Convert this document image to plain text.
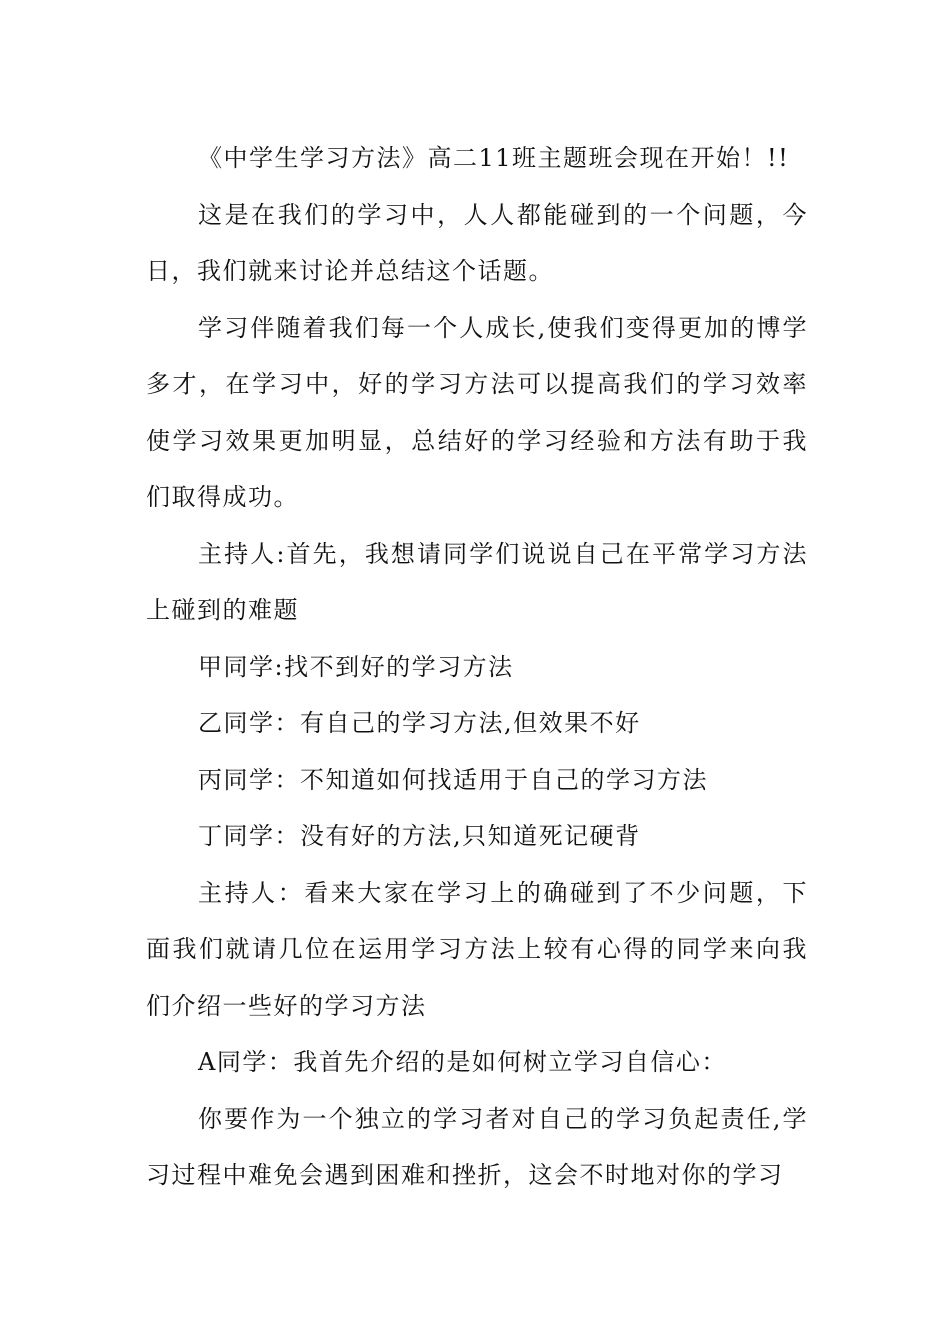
《中学生学习方法》高二11班主题班会现在开始！!!

这是在我们的学习中，人人都能碰到的一个问题，今日，我们就来讨论并总结这个话题。

学习伴随着我们每一个人成长,使我们变得更加的博学多才，在学习中，好的学习方法可以提高我们的学习效率使学习效果更加明显，总结好的学习经验和方法有助于我们取得成功。

主持人:首先，我想请同学们说说自己在平常学习方法上碰到的难题

甲同学:找不到好的学习方法

乙同学：有自己的学习方法,但效果不好

丙同学：不知道如何找适用于自己的学习方法

丁同学：没有好的方法,只知道死记硬背

主持人：看来大家在学习上的确碰到了不少问题，下面我们就请几位在运用学习方法上较有心得的同学来向我们介绍一些好的学习方法

A同学：我首先介绍的是如何树立学习自信心：

你要作为一个独立的学习者对自己的学习负起责任,学习过程中难免会遇到困难和挫折，这会不时地对你的学习
